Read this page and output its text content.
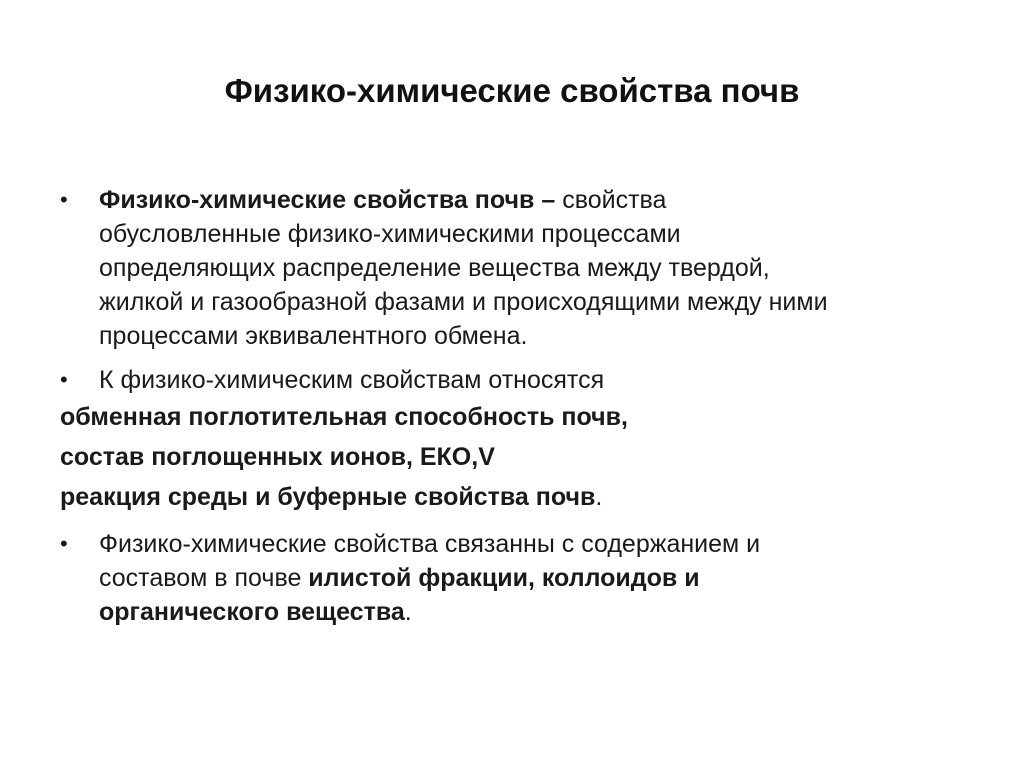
Физико-химические свойства почв
• Физико-химические свойства почв – свойства

обусловленные физико-химическими процессами

определяющих распределение вещества между твердой,

жилкой и газообразной фазами и происходящими между ними

процессами эквивалентного обмена.

• К физико-химическим свойствам относятся

обменная поглотительная способность почв,

состав поглощенных ионов, ЕКО,V

реакция среды и буферные свойства почв.

• Физико-химические свойства связанны с содержанием и

составом в почве илистой фракции, коллоидов и

органического вещества.
